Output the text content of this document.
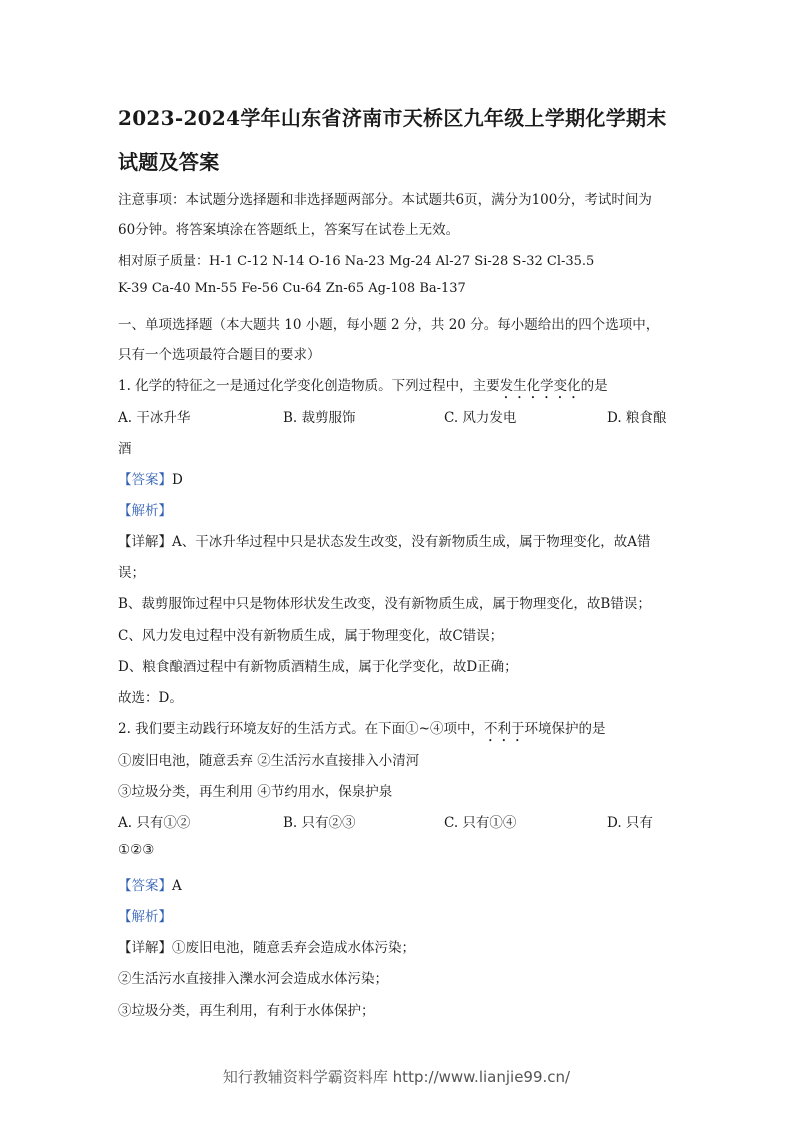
2023-2024学年山东省济南市天桥区九年级上学期化学期末
试题及答案
注意事项：本试题分选择题和非选择题两部分。本试题共6页，满分为100分，考试时间为
60分钟。将答案填涂在答题纸上，答案写在试卷上无效。
相对原子质量：H-1 C-12 N-14 O-16 Na-23 Mg-24 Al-27 Si-28 S-32 Cl-35.5
K-39 Ca-40 Mn-55 Fe-56 Cu-64 Zn-65 Ag-108 Ba-137
一、单项选择题（本大题共 10 小题，每小题 2 分，共 20 分。每小题给出的四个选项中，
只有一个选项最符合题目的要求）
1. 化学的特征之一是通过化学变化创造物质。下列过程中，主要发生化学变化的是
A. 干冰升华	B. 裁剪服饰	C. 风力发电	D. 粮食酿
酒
【答案】D
【解析】
【详解】A、干冰升华过程中只是状态发生改变，没有新物质生成，属于物理变化，故A错
误；
B、裁剪服饰过程中只是物体形状发生改变，没有新物质生成，属于物理变化，故B错误；
C、风力发电过程中没有新物质生成，属于物理变化，故C错误；
D、粮食酿酒过程中有新物质酒精生成，属于化学变化，故D正确；
故选：D。
2. 我们要主动践行环境友好的生活方式。在下面①~④项中，不利于环境保护的是
①废旧电池，随意丢弃 ②生活污水直接排入小清河
③垃圾分类，再生利用 ④节约用水，保泉护泉
A. 只有①②	B. 只有②③	C. 只有①④	D. 只有
①②③
【答案】A
【解析】
【详解】①废旧电池，随意丢弃会造成水体污染；
②生活污水直接排入濼水河会造成水体污染；
③垃圾分类，再生利用，有利于水体保护；
知行教辅资料学霸资料库 http://www.lianjie99.cn/
